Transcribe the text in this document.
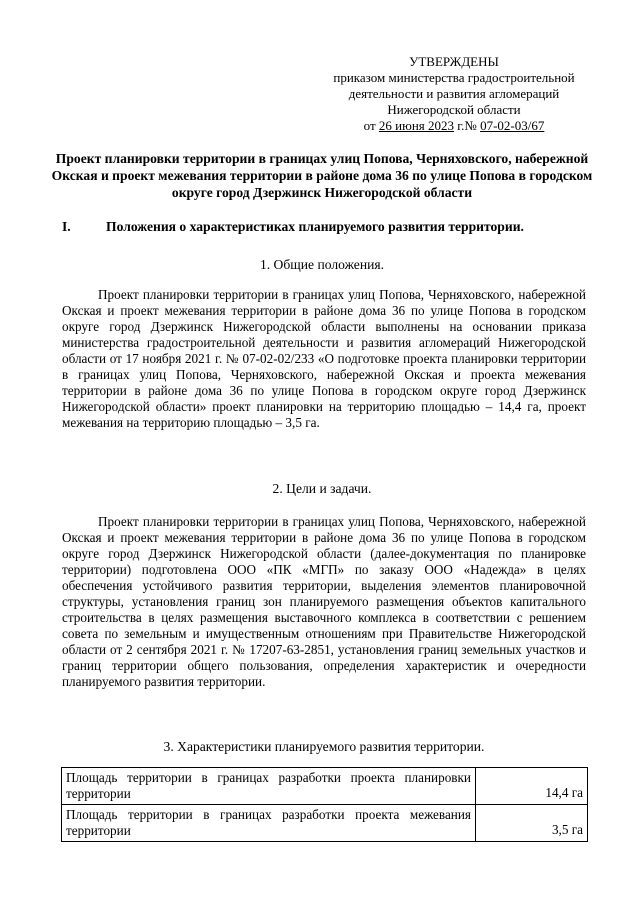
УТВЕРЖДЕНЫ
приказом министерства градостроительной
деятельности и развития агломераций
Нижегородской области
от 26 июня 2023 г.№ 07-02-03/67
Проект планировки территории в границах улиц Попова, Черняховского, набережной Окская и проект межевания территории в районе дома 36 по улице Попова в городском округе город Дзержинск Нижегородской области
I.	Положения о характеристиках планируемого развития территории.
1. Общие положения.
Проект планировки территории в границах улиц Попова, Черняховского, набережной Окская и проект межевания территории в районе дома 36 по улице Попова в городском округе город Дзержинск Нижегородской области выполнены на основании приказа министерства градостроительной деятельности и развития агломераций Нижегородской области от 17 ноября 2021 г. № 07-02-02/233 «О подготовке проекта планировки территории в границах улиц Попова, Черняховского, набережной Окская и проекта межевания территории в районе дома 36 по улице Попова в городском округе город Дзержинск Нижегородской области» проект планировки на территорию площадью – 14,4 га, проект межевания на территорию площадью – 3,5 га.
2. Цели и задачи.
Проект планировки территории в границах улиц Попова, Черняховского, набережной Окская и проект межевания территории в районе дома 36 по улице Попова в городском округе город Дзержинск Нижегородской области (далее-документация по планировке территории) подготовлена ООО «ПК «МГП» по заказу ООО «Надежда» в целях обеспечения устойчивого развития территории, выделения элементов планировочной структуры, установления границ зон планируемого размещения объектов капитального строительства в целях размещения выставочного комплекса в соответствии с решением совета по земельным и имущественным отношениям при Правительстве Нижегородской области от 2 сентября 2021 г. № 17207-63-2851, установления границ земельных участков и границ территории общего пользования, определения характеристик и очередности планируемого развития территории.
3. Характеристики планируемого развития территории.
Площадь территории в границах разработки проекта планировки территории	14,4 га
Площадь территории в границах разработки проекта межевания территории	3,5 га
